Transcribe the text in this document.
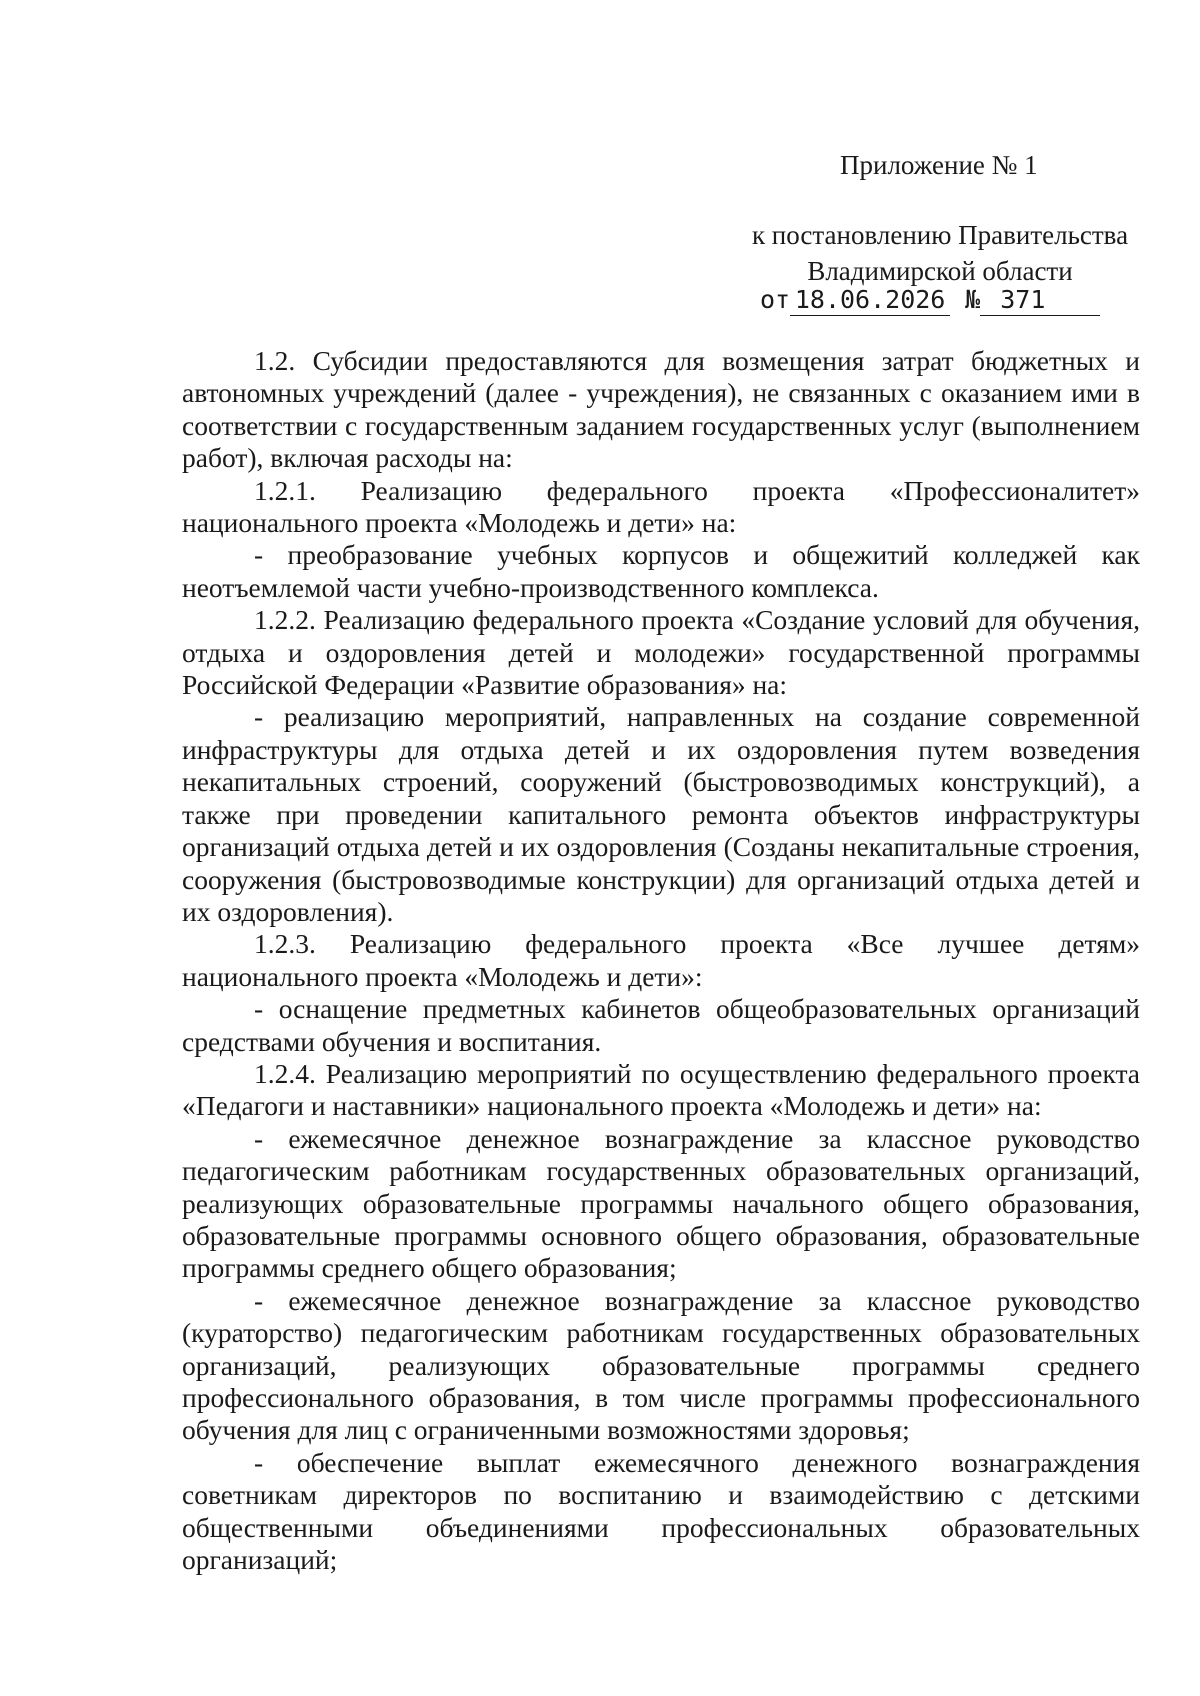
Приложение № 1
к постановлению Правительства
Владимирской области
от 18.06.2026 № 371

1.2. Субсидии предоставляются для возмещения затрат бюджетных и автономных учреждений (далее - учреждения), не связанных с оказанием ими в соответствии с государственным заданием государственных услуг (выполнением работ), включая расходы на:

1.2.1. Реализацию федерального проекта «Профессионалитет» национального проекта «Молодежь и дети» на:

- преобразование учебных корпусов и общежитий колледжей как неотъемлемой части учебно-производственного комплекса.

1.2.2. Реализацию федерального проекта «Создание условий для обучения, отдыха и оздоровления детей и молодежи» государственной программы Российской Федерации «Развитие образования» на:

- реализацию мероприятий, направленных на создание современной инфраструктуры для отдыха детей и их оздоровления путем возведения некапитальных строений, сооружений (быстровозводимых конструкций), а также при проведении капитального ремонта объектов инфраструктуры организаций отдыха детей и их оздоровления (Созданы некапитальные строения, сооружения (быстровозводимые конструкции) для организаций отдыха детей и их оздоровления).

1.2.3. Реализацию федерального проекта «Все лучшее детям» национального проекта «Молодежь и дети»:

- оснащение предметных кабинетов общеобразовательных организаций средствами обучения и воспитания.

1.2.4. Реализацию мероприятий по осуществлению федерального проекта «Педагоги и наставники» национального проекта «Молодежь и дети» на:

- ежемесячное денежное вознаграждение за классное руководство педагогическим работникам государственных образовательных организаций, реализующих образовательные программы начального общего образования, образовательные программы основного общего образования, образовательные программы среднего общего образования;

- ежемесячное денежное вознаграждение за классное руководство (кураторство) педагогическим работникам государственных образовательных организаций, реализующих образовательные программы среднего профессионального образования, в том числе программы профессионального обучения для лиц с ограниченными возможностями здоровья;

- обеспечение выплат ежемесячного денежного вознаграждения советникам директоров по воспитанию и взаимодействию с детскими общественными объединениями профессиональных образовательных организаций;
